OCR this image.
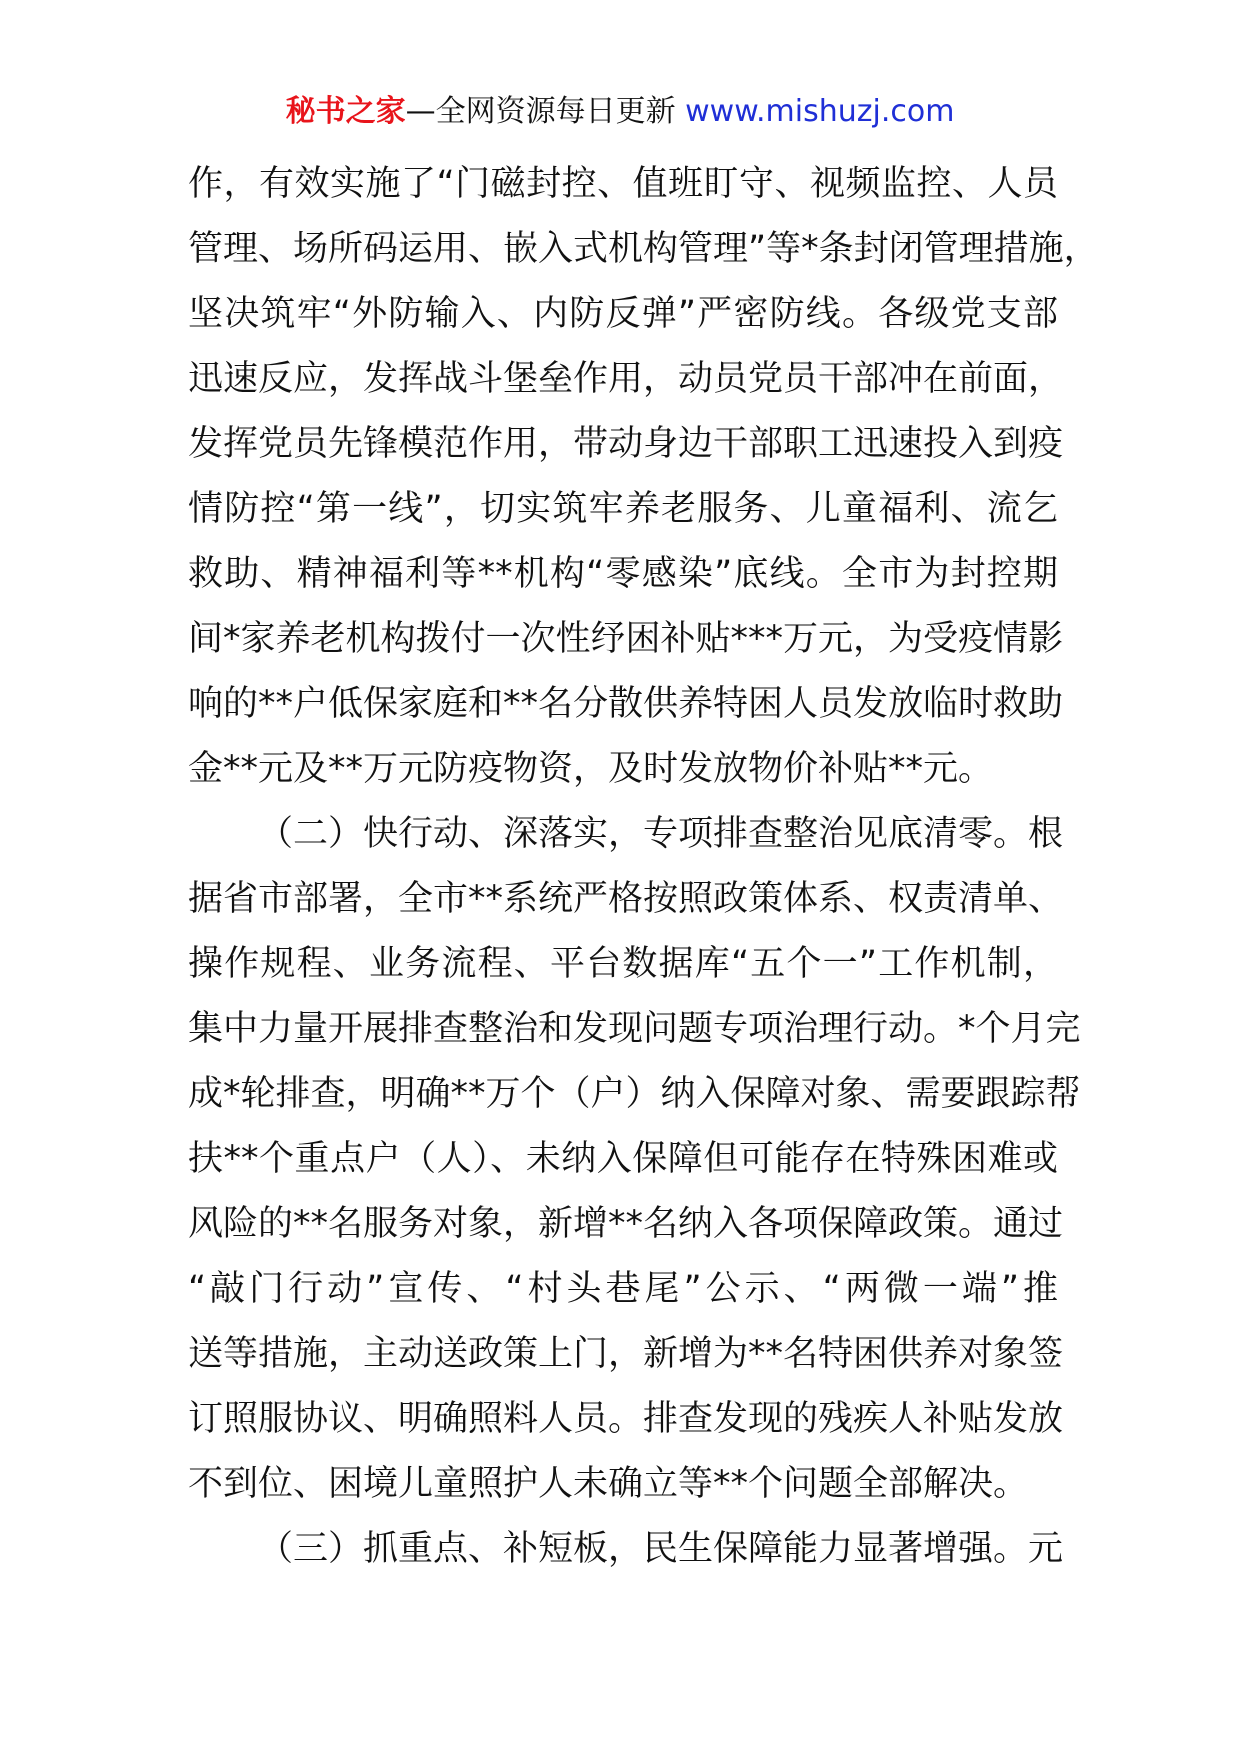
秘书之家—全网资源每日更新 www.mishuzj.com
作，有效实施了“门磁封控、值班盯守、视频监控、人员
管理、场所码运用、嵌入式机构管理”等*条封闭管理措施，
坚决筑牢“外防输入、内防反弹”严密防线。各级党支部
迅速反应，发挥战斗堡垒作用，动员党员干部冲在前面，
发挥党员先锋模范作用，带动身边干部职工迅速投入到疫
情防控“第一线”，切实筑牢养老服务、儿童福利、流乞
救助、精神福利等**机构“零感染”底线。全市为封控期
间*家养老机构拨付一次性纾困补贴***万元，为受疫情影
响的**户低保家庭和**名分散供养特困人员发放临时救助
金**元及**万元防疫物资，及时发放物价补贴**元。
（二）快行动、深落实，专项排查整治见底清零。根
据省市部署，全市**系统严格按照政策体系、权责清单、
操作规程、业务流程、平台数据库“五个一”工作机制，
集中力量开展排查整治和发现问题专项治理行动。*个月完
成*轮排查，明确**万个（户）纳入保障对象、需要跟踪帮
扶**个重点户（人）、未纳入保障但可能存在特殊困难或
风险的**名服务对象，新增**名纳入各项保障政策。通过
“敲门行动”宣传、“村头巷尾”公示、“两微一端”推
送等措施，主动送政策上门，新增为**名特困供养对象签
订照服协议、明确照料人员。排查发现的残疾人补贴发放
不到位、困境儿童照护人未确立等**个问题全部解决。
（三）抓重点、补短板，民生保障能力显著增强。元
